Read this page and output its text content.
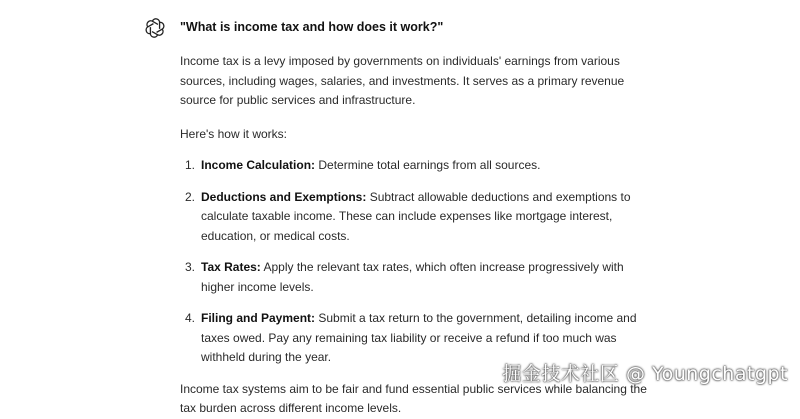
"What is income tax and how does it work?"

Income tax is a levy imposed by governments on individuals' earnings from various sources, including wages, salaries, and investments. It serves as a primary revenue source for public services and infrastructure.

Here's how it works:

1. Income Calculation: Determine total earnings from all sources.
2. Deductions and Exemptions: Subtract allowable deductions and exemptions to calculate taxable income. These can include expenses like mortgage interest, education, or medical costs.
3. Tax Rates: Apply the relevant tax rates, which often increase progressively with higher income levels.
4. Filing and Payment: Submit a tax return to the government, detailing income and taxes owed. Pay any remaining tax liability or receive a refund if too much was withheld during the year.

Income tax systems aim to be fair and fund essential public services while balancing the tax burden across different income levels.

掘金技术社区 @ Youngchatgpt
